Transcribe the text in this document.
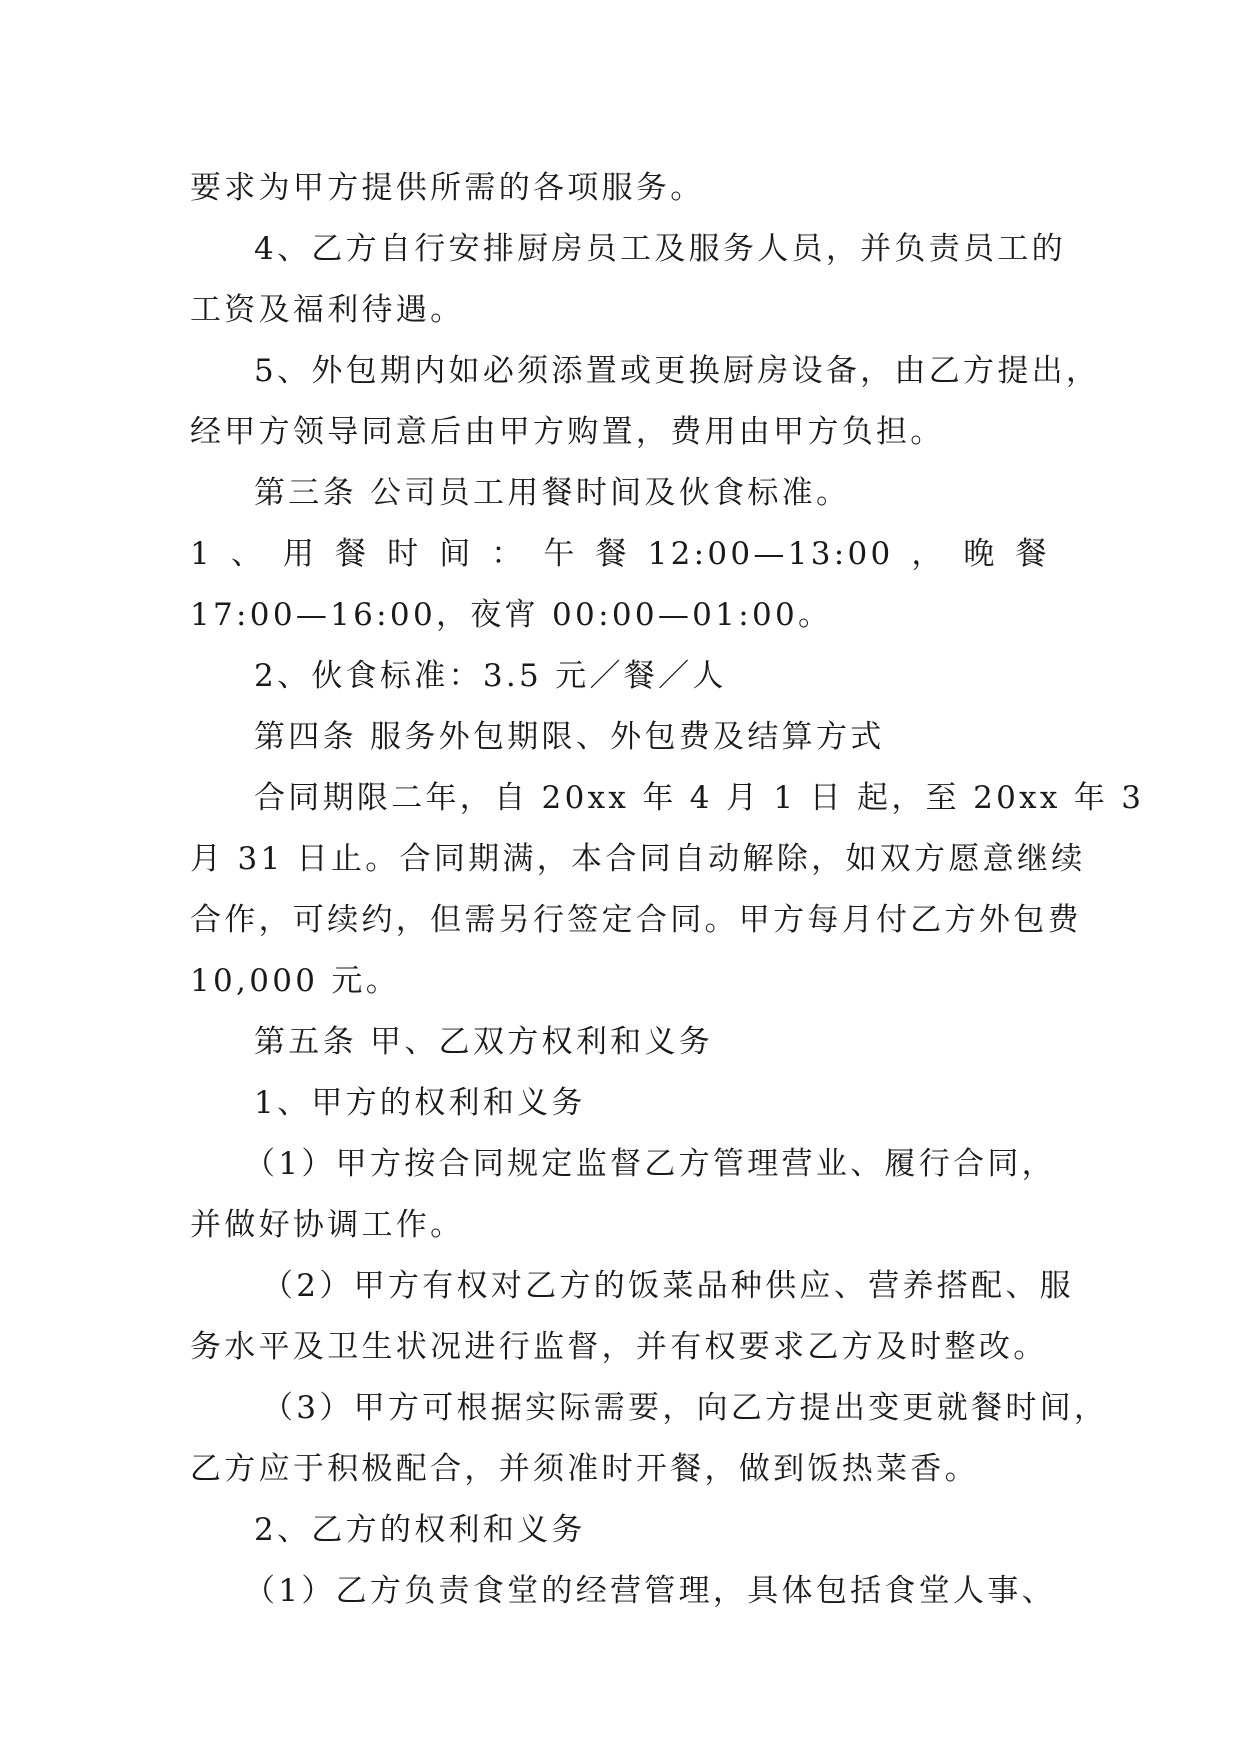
要求为甲方提供所需的各项服务。

4、乙方自行安排厨房员工及服务人员，并负责员工的

工资及福利待遇。

5、外包期内如必须添置或更换厨房设备，由乙方提出，

经甲方领导同意后由甲方购置，费用由甲方负担。

第三条 公司员工用餐时间及伙食标准。

1 、 用 餐 时 间 ： 午 餐 12:00—13:00 ， 晚 餐

17:00—16:00，夜宵 00:00—01:00。

2、伙食标准：3.5 元／餐／人

第四条 服务外包期限、外包费及结算方式

合同期限二年，自 20xx 年 4 月 1 日 起，至 20xx 年 3

月 31 日止。合同期满，本合同自动解除，如双方愿意继续

合作，可续约，但需另行签定合同。甲方每月付乙方外包费

10,000 元。

第五条 甲、乙双方权利和义务

1、甲方的权利和义务

（1）甲方按合同规定监督乙方管理营业、履行合同，

并做好协调工作。

（2）甲方有权对乙方的饭菜品种供应、营养搭配、服

务水平及卫生状况进行监督，并有权要求乙方及时整改。

（3）甲方可根据实际需要，向乙方提出变更就餐时间，

乙方应于积极配合，并须准时开餐，做到饭热菜香。

2、乙方的权利和义务

（1）乙方负责食堂的经营管理，具体包括食堂人事、
